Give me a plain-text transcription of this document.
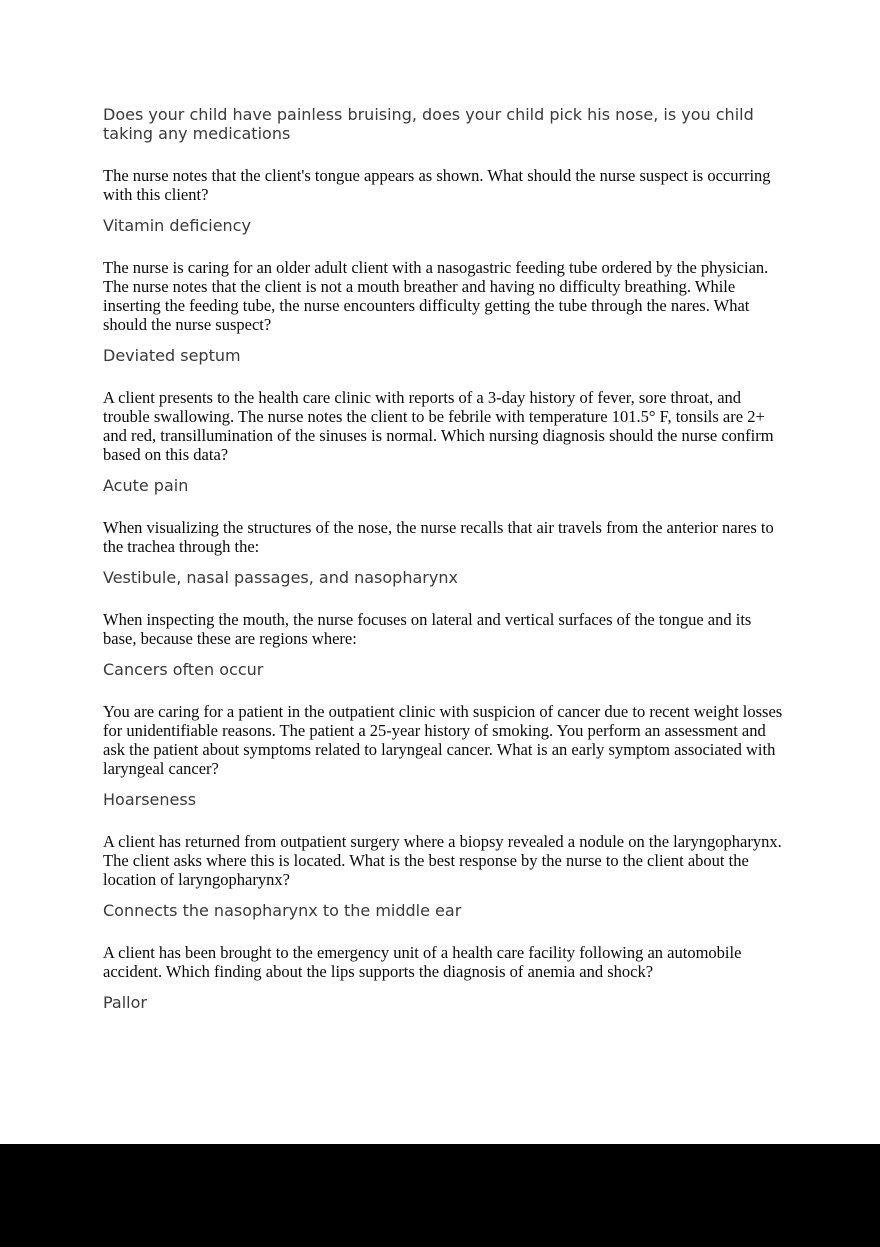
Does your child have painless bruising, does your child pick his nose, is you child taking any medications

The nurse notes that the client's tongue appears as shown. What should the nurse suspect is occurring with this client?

Vitamin deficiency

The nurse is caring for an older adult client with a nasogastric feeding tube ordered by the physician. The nurse notes that the client is not a mouth breather and having no difficulty breathing. While inserting the feeding tube, the nurse encounters difficulty getting the tube through the nares. What should the nurse suspect?

Deviated septum

A client presents to the health care clinic with reports of a 3-day history of fever, sore throat, and trouble swallowing. The nurse notes the client to be febrile with temperature 101.5° F, tonsils are 2+ and red, transillumination of the sinuses is normal. Which nursing diagnosis should the nurse confirm based on this data?

Acute pain

When visualizing the structures of the nose, the nurse recalls that air travels from the anterior nares to the trachea through the:

Vestibule, nasal passages, and nasopharynx

When inspecting the mouth, the nurse focuses on lateral and vertical surfaces of the tongue and its base, because these are regions where:

Cancers often occur

You are caring for a patient in the outpatient clinic with suspicion of cancer due to recent weight losses for unidentifiable reasons. The patient a 25-year history of smoking. You perform an assessment and ask the patient about symptoms related to laryngeal cancer. What is an early symptom associated with laryngeal cancer?

Hoarseness

A client has returned from outpatient surgery where a biopsy revealed a nodule on the laryngopharynx. The client asks where this is located. What is the best response by the nurse to the client about the location of laryngopharynx?

Connects the nasopharynx to the middle ear

A client has been brought to the emergency unit of a health care facility following an automobile accident. Which finding about the lips supports the diagnosis of anemia and shock?

Pallor
